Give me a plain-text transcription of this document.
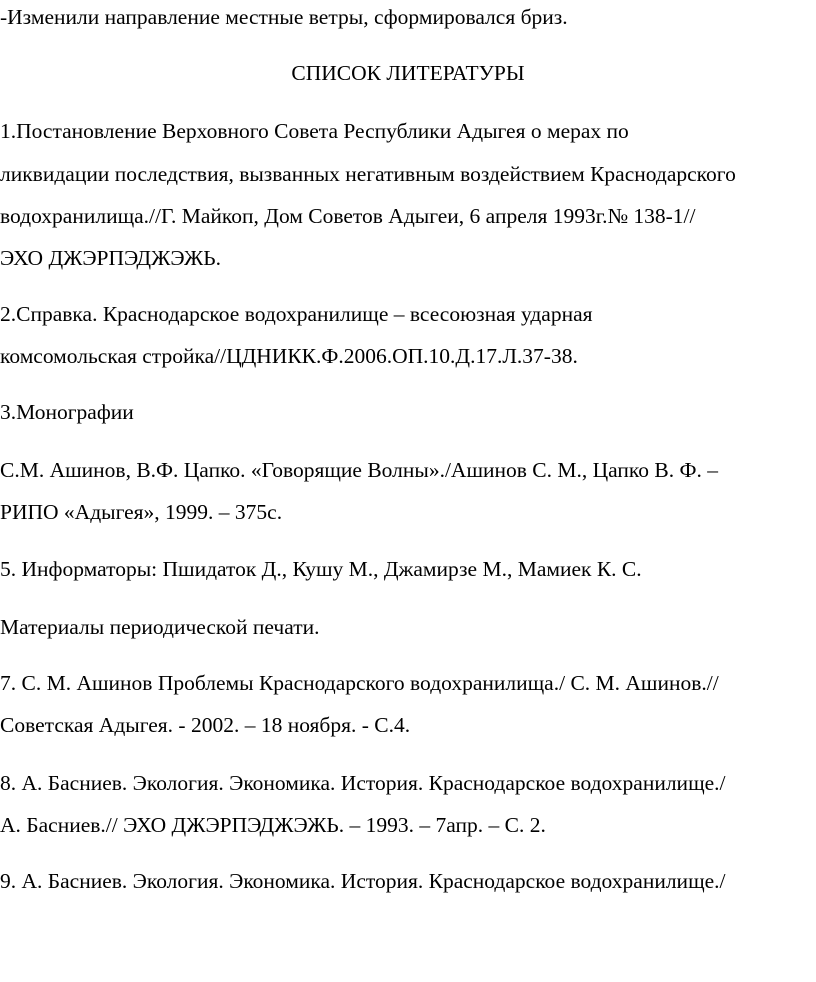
-Изменили направление местные ветры, сформировался бриз.

СПИСОК ЛИТЕРАТУРЫ

1.Постановление Верховного Совета Республики Адыгея о мерах по

ликвидации последствия, вызванных негативным воздействием Краснодарского

водохранилища.//Г. Майкоп, Дом Советов Адыгеи, 6 апреля 1993г.№ 138-1//

ЭХО ДЖЭРПЭДЖЭЖЬ.

2.Справка. Краснодарское водохранилище – всесоюзная ударная

комсомольская стройка//ЦДНИКК.Ф.2006.ОП.10.Д.17.Л.37-38.

3.Монографии

С.М. Ашинов, В.Ф. Цапко. «Говорящие Волны»./Ашинов С. М., Цапко В. Ф. –

РИПО «Адыгея», 1999. – 375с.

5. Информаторы: Пшидаток Д., Кушу М., Джамирзе М., Мамиек К. С.

Материалы периодической печати.

7. С. М. Ашинов Проблемы Краснодарского водохранилища./ С. М. Ашинов.//

Советская Адыгея. - 2002. – 18 ноября. - С.4.

8. А. Басниев. Экология. Экономика. История. Краснодарское водохранилище./

А. Басниев.// ЭХО ДЖЭРПЭДЖЭЖЬ. – 1993. – 7апр. – С. 2.

9. А. Басниев. Экология. Экономика. История. Краснодарское водохранилище./
